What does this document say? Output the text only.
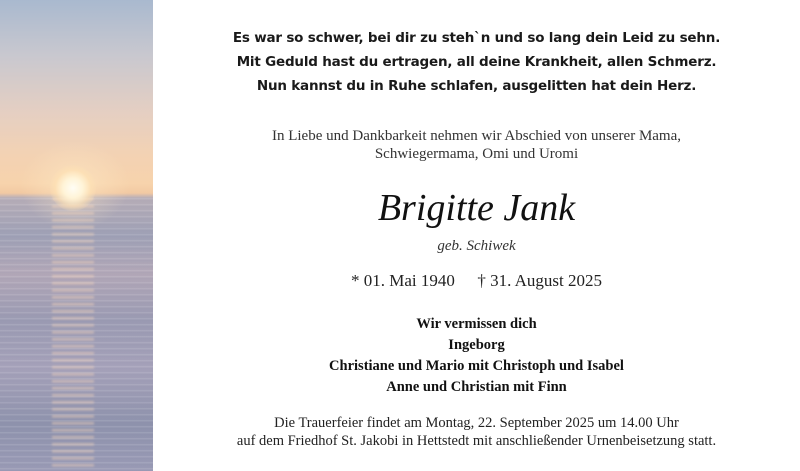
Es war so schwer, bei dir zu steh`n und so lang dein Leid zu sehn.
Mit Geduld hast du ertragen, all deine Krankheit, allen Schmerz.
Nun kannst du in Ruhe schlafen, ausgelitten hat dein Herz.
In Liebe und Dankbarkeit nehmen wir Abschied von unserer Mama,
Schwiegermama, Omi und Uromi
Brigitte Jank
geb. Schiwek
* 01. Mai 1940 † 31. August 2025
Wir vermissen dich
Ingeborg
Christiane und Mario mit Christoph und Isabel
Anne und Christian mit Finn
Die Trauerfeier findet am Montag, 22. September 2025 um 14.00 Uhr
auf dem Friedhof St. Jakobi in Hettstedt mit anschließender Urnenbeisetzung statt.
